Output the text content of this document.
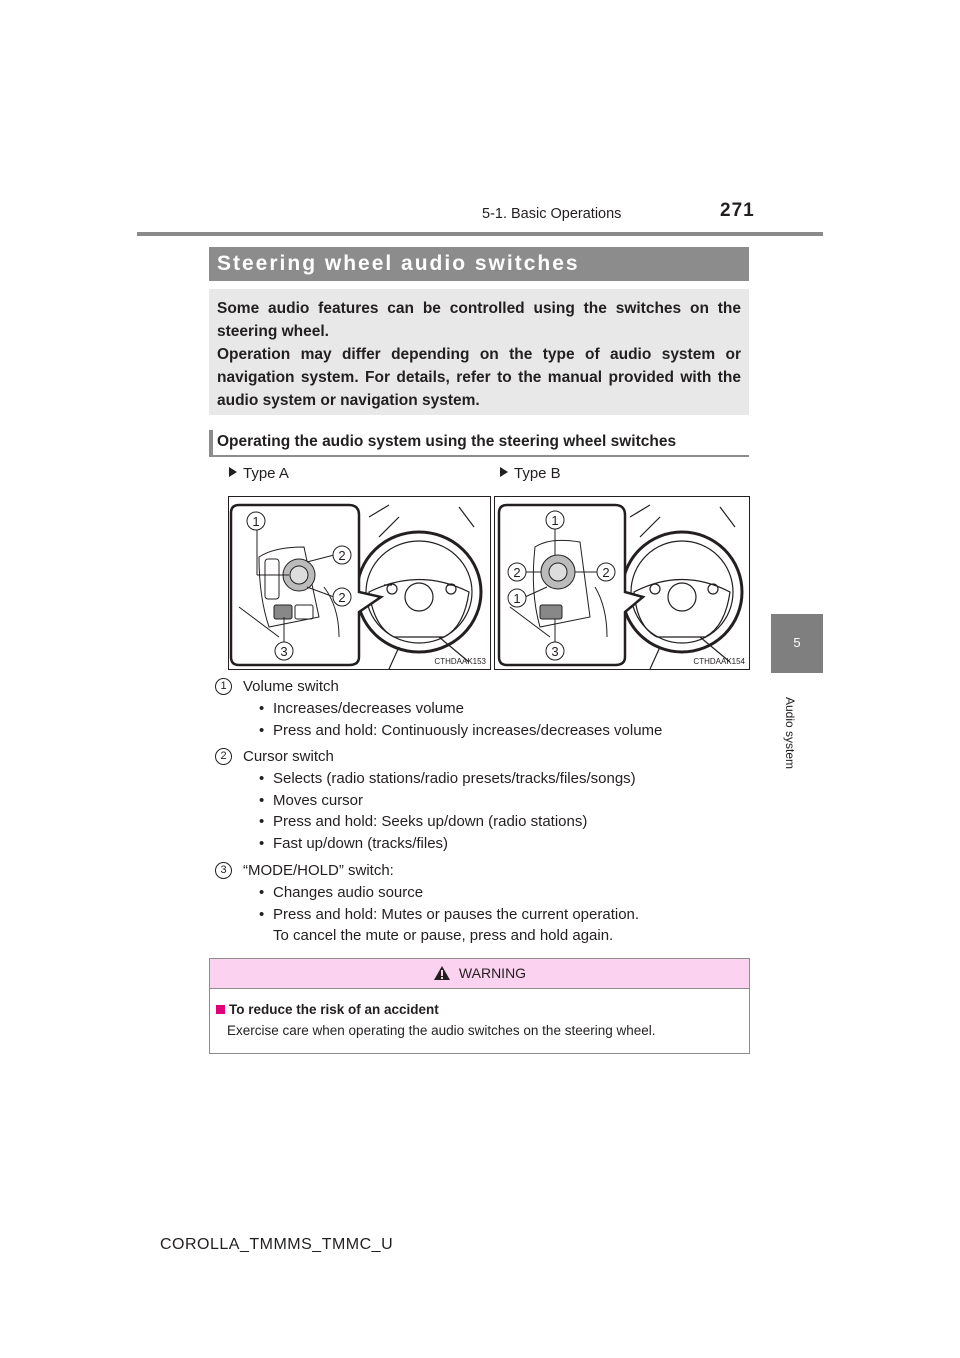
5-1. Basic Operations	271
5
Audio system
Steering wheel audio switches

Some audio features can be controlled using the switches on the steering wheel.

Operation may differ depending on the type of audio system or navigation system. For details, refer to the manual provided with the audio system or navigation system.

Operating the audio system using the steering wheel switches
Type A	Type B
1
2
2
3
CTHDAAK153
1
2	2
1
3
CTHDAAK154
1	Volume switch
• Increases/decreases volume
• Press and hold: Continuously increases/decreases volume
2	Cursor switch
• Selects (radio stations/radio presets/tracks/files/songs)
• Moves cursor
• Press and hold: Seeks up/down (radio stations)
• Fast up/down (tracks/files)
3	“MODE/HOLD” switch:
• Changes audio source
• Press and hold: Mutes or pauses the current operation.
To cancel the mute or pause, press and hold again.
WARNING
To reduce the risk of an accident
Exercise care when operating the audio switches on the steering wheel.
COROLLA_TMMMS_TMMC_U
